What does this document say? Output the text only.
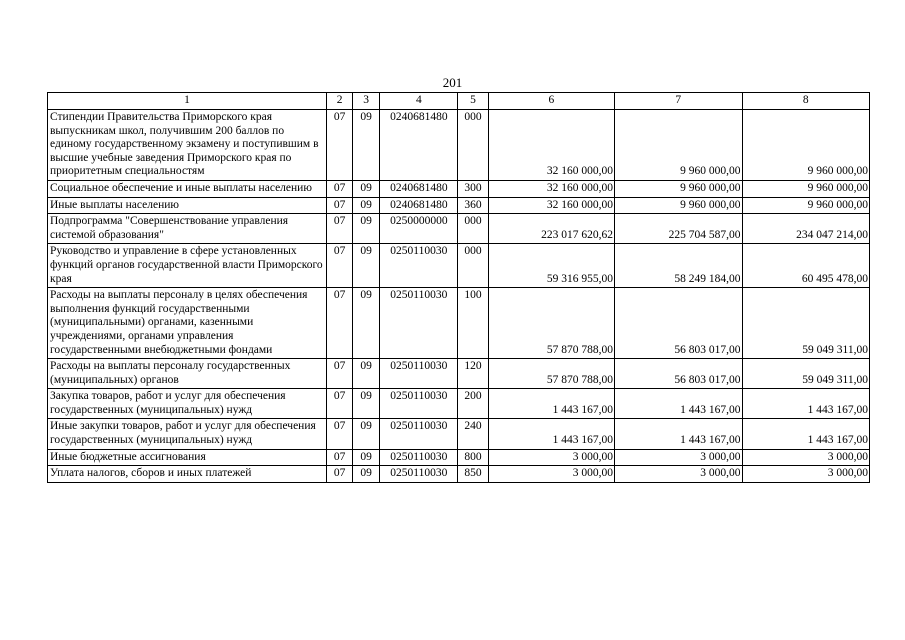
201
1	2	3	4	5	6	7	8
Стипендии Правительства Приморского края выпускникам школ, получившим 200 баллов по единому государственному экзамену и поступившим в высшие учебные заведения Приморского края по приоритетным специальностям	07	09	0240681480	000	32 160 000,00	9 960 000,00	9 960 000,00
Социальное обеспечение и иные выплаты населению	07	09	0240681480	300	32 160 000,00	9 960 000,00	9 960 000,00
Иные выплаты населению	07	09	0240681480	360	32 160 000,00	9 960 000,00	9 960 000,00
Подпрограмма "Совершенствование управления системой образования"	07	09	0250000000	000	223 017 620,62	225 704 587,00	234 047 214,00
Руководство и управление в сфере установленных функций органов государственной власти Приморского края	07	09	0250110030	000	59 316 955,00	58 249 184,00	60 495 478,00
Расходы на выплаты персоналу в целях обеспечения выполнения функций государственными (муниципальными) органами, казенными учреждениями, органами управления государственными внебюджетными фондами	07	09	0250110030	100	57 870 788,00	56 803 017,00	59 049 311,00
Расходы на выплаты персоналу государственных (муниципальных) органов	07	09	0250110030	120	57 870 788,00	56 803 017,00	59 049 311,00
Закупка товаров, работ и услуг для обеспечения государственных (муниципальных) нужд	07	09	0250110030	200	1 443 167,00	1 443 167,00	1 443 167,00
Иные закупки товаров, работ и услуг для обеспечения государственных (муниципальных) нужд	07	09	0250110030	240	1 443 167,00	1 443 167,00	1 443 167,00
Иные бюджетные ассигнования	07	09	0250110030	800	3 000,00	3 000,00	3 000,00
Уплата налогов, сборов и иных платежей	07	09	0250110030	850	3 000,00	3 000,00	3 000,00
